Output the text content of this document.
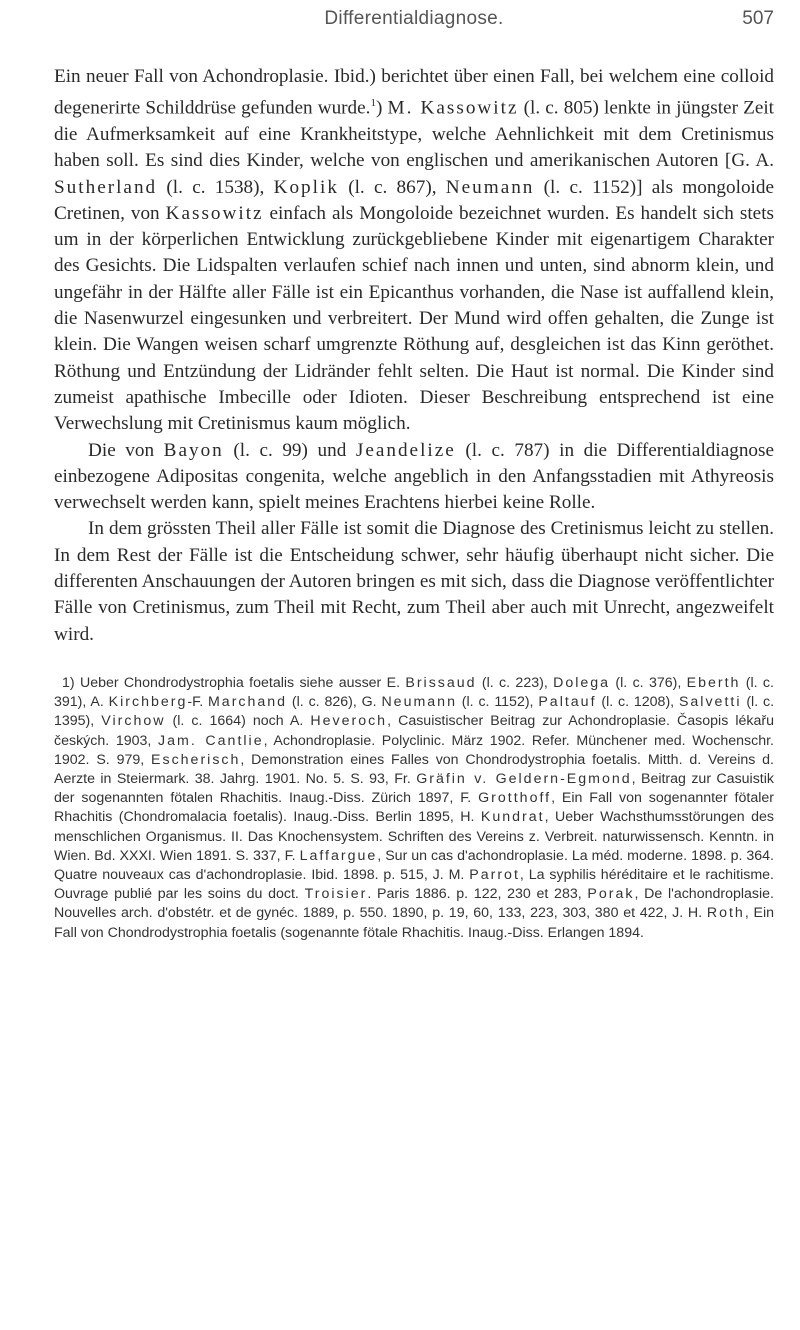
Differentialdiagnose.	507

Ein neuer Fall von Achondroplasie. Ibid.) berichtet über einen Fall, bei welchem eine colloid degenerirte Schilddrüse gefunden wurde.$^1$) M. Kassowitz (l. c. 805) lenkte in jüngster Zeit die Aufmerksamkeit auf eine Krankheitstype, welche Aehnlichkeit mit dem Cretinismus haben soll. Es sind dies Kinder, welche von englischen und amerikanischen Autoren [G. A. Sutherland (l. c. 1538), Koplik (l. c. 867), Neumann (l. c. 1152)] als mongoloide Cretinen, von Kassowitz einfach als Mongoloide bezeichnet wurden. Es handelt sich stets um in der körperlichen Entwicklung zurückgebliebene Kinder mit eigenartigem Charakter des Gesichts. Die Lidspalten verlaufen schief nach innen und unten, sind abnorm klein, und ungefähr in der Hälfte aller Fälle ist ein Epicanthus vorhanden, die Nase ist auffallend klein, die Nasenwurzel eingesunken und verbreitert. Der Mund wird offen gehalten, die Zunge ist klein. Die Wangen weisen scharf umgrenzte Röthung auf, desgleichen ist das Kinn geröthet. Röthung und Entzündung der Lidränder fehlt selten. Die Haut ist normal. Die Kinder sind zumeist apathische Imbecille oder Idioten. Dieser Beschreibung entsprechend ist eine Verwechslung mit Cretinismus kaum möglich.

Die von Bayon (l. c. 99) und Jeandelize (l. c. 787) in die Differentialdiagnose einbezogene Adipositas congenita, welche angeblich in den Anfangsstadien mit Athyreosis verwechselt werden kann, spielt meines Erachtens hierbei keine Rolle.

In dem grössten Theil aller Fälle ist somit die Diagnose des Cretinismus leicht zu stellen. In dem Rest der Fälle ist die Entscheidung schwer, sehr häufig überhaupt nicht sicher. Die differenten Anschauungen der Autoren bringen es mit sich, dass die Diagnose veröffentlichter Fälle von Cretinismus, zum Theil mit Recht, zum Theil aber auch mit Unrecht, angezweifelt wird.

1) Ueber Chondrodystrophia foetalis siehe ausser E. Brissaud (l. c. 223), Dolega (l. c. 376), Eberth (l. c. 391), A. Kirchberg-F. Marchand (l. c. 826), G. Neumann (l. c. 1152), Paltauf (l. c. 1208), Salvetti (l. c. 1395), Virchow (l. c. 1664) noch A. Heveroch, Casuistischer Beitrag zur Achondroplasie. Časopis lékařu českých. 1903, Jam. Cantlie, Achondroplasie. Polyclinic. März 1902. Refer. Münchener med. Wochenschr. 1902. S. 979, Escherisch, Demonstration eines Falles von Chondrodystrophia foetalis. Mitth. d. Vereins d. Aerzte in Steiermark. 38. Jahrg. 1901. No. 5. S. 93, Fr. Gräfin v. Geldern-Egmond, Beitrag zur Casuistik der sogenannten fötalen Rhachitis. Inaug.-Diss. Zürich 1897, F. Grotthoff, Ein Fall von sogenannter fötaler Rhachitis (Chondromalacia foetalis). Inaug.-Diss. Berlin 1895, H. Kundrat, Ueber Wachsthumsstörungen des menschlichen Organismus. II. Das Knochensystem. Schriften des Vereins z. Verbreit. naturwissensch. Kenntn. in Wien. Bd. XXXI. Wien 1891. S. 337, F. Laffargue, Sur un cas d'achondroplasie. La méd. moderne. 1898. p. 364. Quatre nouveaux cas d'achondroplasie. Ibid. 1898. p. 515, J. M. Parrot, La syphilis héréditaire et le rachitisme. Ouvrage publié par les soins du doct. Troisier. Paris 1886. p. 122, 230 et 283, Porak, De l'achondroplasie. Nouvelles arch. d'obstétr. et de gynéc. 1889, p. 550. 1890, p. 19, 60, 133, 223, 303, 380 et 422, J. H. Roth, Ein Fall von Chondrodystrophia foetalis (sogenannte fötale Rhachitis. Inaug.-Diss. Erlangen 1894.
